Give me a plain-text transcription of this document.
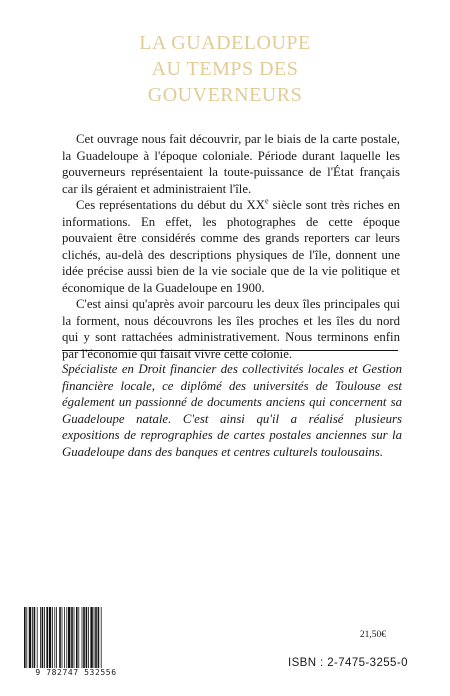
LA GUADELOUPE
AU TEMPS DES
GOUVERNEURS

Cet ouvrage nous fait découvrir, par le biais de la carte postale, la Guadeloupe à l'époque coloniale. Période durant laquelle les gouverneurs représentaient la toute-puissance de l'État français car ils géraient et administraient l'île.

Ces représentations du début du XXe siècle sont très riches en informations. En effet, les photographes de cette époque pouvaient être considérés comme des grands reporters car leurs clichés, au-delà des descriptions physiques de l'île, donnent une idée précise aussi bien de la vie sociale que de la vie politique et économique de la Guadeloupe en 1900.

C'est ainsi qu'après avoir parcouru les deux îles principales qui la forment, nous découvrons les îles proches et les îles du nord qui y sont rattachées administrativement. Nous terminons enfin par l'économie qui faisait vivre cette colonie.

Spécialiste en Droit financier des collectivités locales et Gestion financière locale, ce diplômé des universités de Toulouse est également un passionné de documents anciens qui concernent sa Guadeloupe natale. C'est ainsi qu'il a réalisé plusieurs expositions de reprographies de cartes postales anciennes sur la Guadeloupe dans des banques et centres culturels toulousains.

9 782747 532556
21,50€
ISBN : 2-7475-3255-0
